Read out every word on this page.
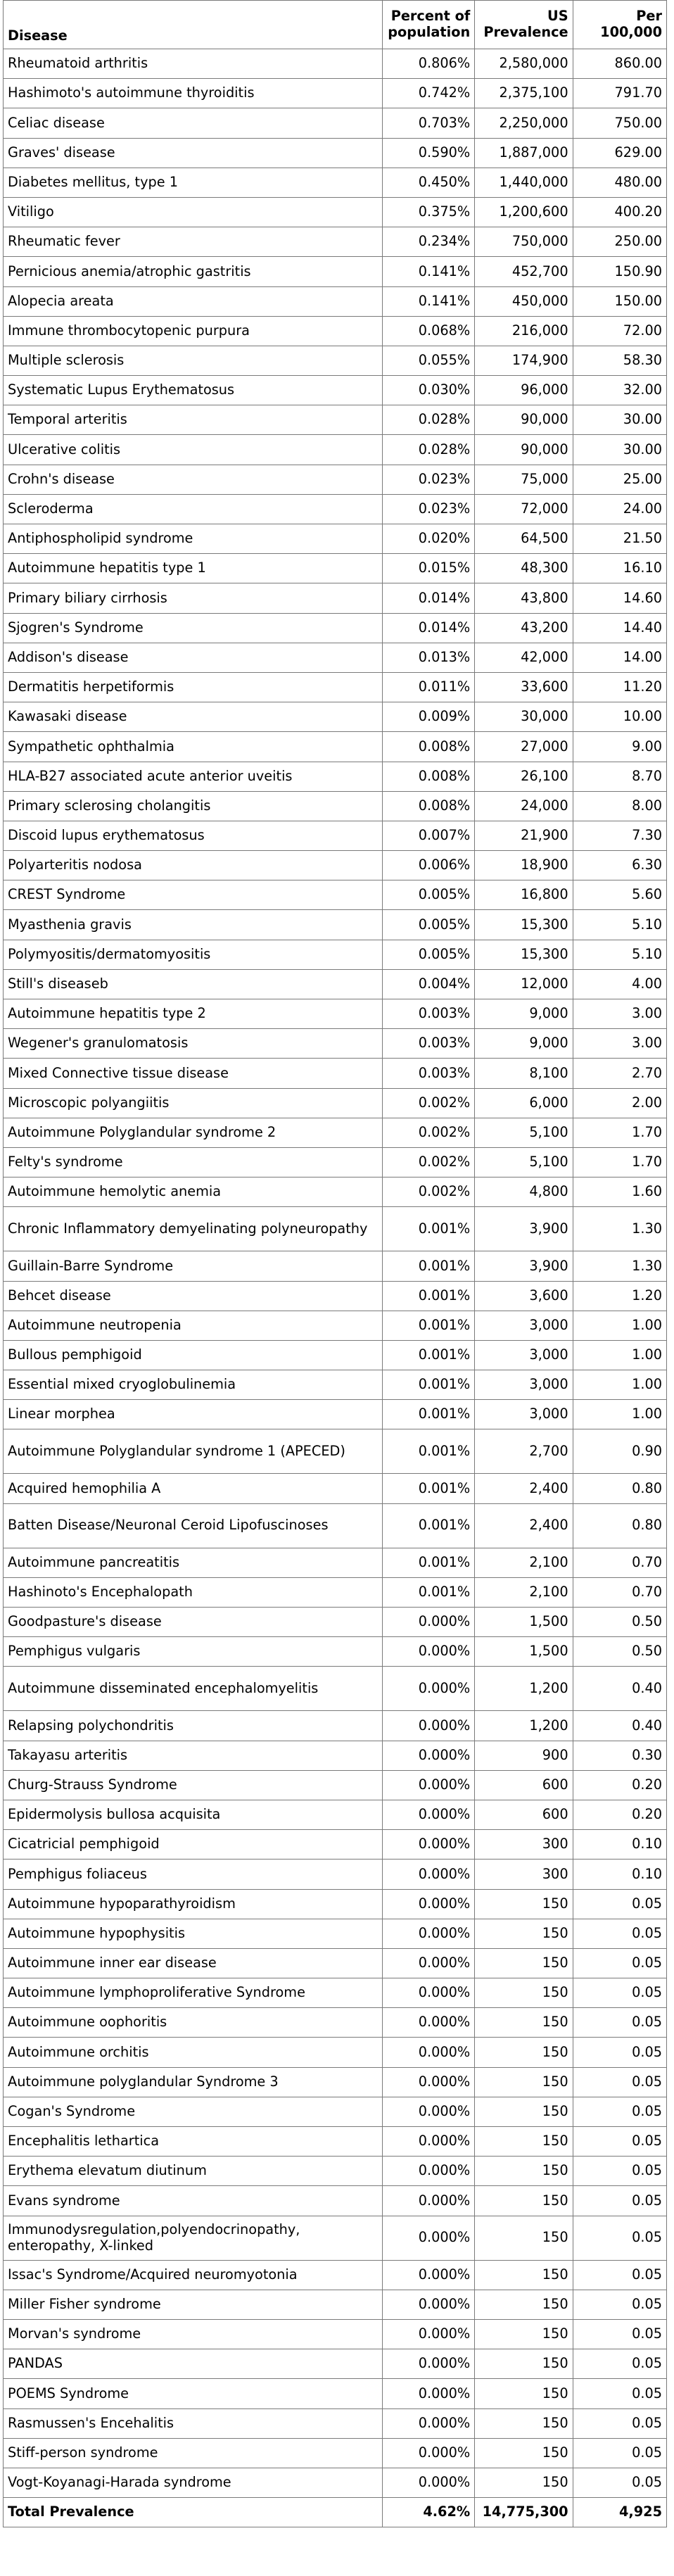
Disease	Percent of population	US Prevalence	Per 100,000
Rheumatoid arthritis	0.806%	2,580,000	860.00
Hashimoto's autoimmune thyroiditis	0.742%	2,375,100	791.70
Celiac disease	0.703%	2,250,000	750.00
Graves' disease	0.590%	1,887,000	629.00
Diabetes mellitus, type 1	0.450%	1,440,000	480.00
Vitiligo	0.375%	1,200,600	400.20
Rheumatic fever	0.234%	750,000	250.00
Pernicious anemia/atrophic gastritis	0.141%	452,700	150.90
Alopecia areata	0.141%	450,000	150.00
Immune thrombocytopenic purpura	0.068%	216,000	72.00
Multiple sclerosis	0.055%	174,900	58.30
Systematic Lupus Erythematosus	0.030%	96,000	32.00
Temporal arteritis	0.028%	90,000	30.00
Ulcerative colitis	0.028%	90,000	30.00
Crohn's disease	0.023%	75,000	25.00
Scleroderma	0.023%	72,000	24.00
Antiphospholipid syndrome	0.020%	64,500	21.50
Autoimmune hepatitis type 1	0.015%	48,300	16.10
Primary biliary cirrhosis	0.014%	43,800	14.60
Sjogren's Syndrome	0.014%	43,200	14.40
Addison's disease	0.013%	42,000	14.00
Dermatitis herpetiformis	0.011%	33,600	11.20
Kawasaki disease	0.009%	30,000	10.00
Sympathetic ophthalmia	0.008%	27,000	9.00
HLA-B27 associated acute anterior uveitis	0.008%	26,100	8.70
Primary sclerosing cholangitis	0.008%	24,000	8.00
Discoid lupus erythematosus	0.007%	21,900	7.30
Polyarteritis nodosa	0.006%	18,900	6.30
CREST Syndrome	0.005%	16,800	5.60
Myasthenia gravis	0.005%	15,300	5.10
Polymyositis/dermatomyositis	0.005%	15,300	5.10
Still's diseaseb	0.004%	12,000	4.00
Autoimmune hepatitis type 2	0.003%	9,000	3.00
Wegener's granulomatosis	0.003%	9,000	3.00
Mixed Connective tissue disease	0.003%	8,100	2.70
Microscopic polyangiitis	0.002%	6,000	2.00
Autoimmune Polyglandular syndrome 2	0.002%	5,100	1.70
Felty's syndrome	0.002%	5,100	1.70
Autoimmune hemolytic anemia	0.002%	4,800	1.60
Chronic Inflammatory demyelinating polyneuropathy	0.001%	3,900	1.30
Guillain-Barre Syndrome	0.001%	3,900	1.30
Behcet disease	0.001%	3,600	1.20
Autoimmune neutropenia	0.001%	3,000	1.00
Bullous pemphigoid	0.001%	3,000	1.00
Essential mixed cryoglobulinemia	0.001%	3,000	1.00
Linear morphea	0.001%	3,000	1.00
Autoimmune Polyglandular syndrome 1 (APECED)	0.001%	2,700	0.90
Acquired hemophilia A	0.001%	2,400	0.80
Batten Disease/Neuronal Ceroid Lipofuscinoses	0.001%	2,400	0.80
Autoimmune pancreatitis	0.001%	2,100	0.70
Hashinoto's Encephalopath	0.001%	2,100	0.70
Goodpasture's disease	0.000%	1,500	0.50
Pemphigus vulgaris	0.000%	1,500	0.50
Autoimmune disseminated encephalomyelitis	0.000%	1,200	0.40
Relapsing polychondritis	0.000%	1,200	0.40
Takayasu arteritis	0.000%	900	0.30
Churg-Strauss Syndrome	0.000%	600	0.20
Epidermolysis bullosa acquisita	0.000%	600	0.20
Cicatricial pemphigoid	0.000%	300	0.10
Pemphigus foliaceus	0.000%	300	0.10
Autoimmune hypoparathyroidism	0.000%	150	0.05
Autoimmune hypophysitis	0.000%	150	0.05
Autoimmune inner ear disease	0.000%	150	0.05
Autoimmune lymphoproliferative Syndrome	0.000%	150	0.05
Autoimmune oophoritis	0.000%	150	0.05
Autoimmune orchitis	0.000%	150	0.05
Autoimmune polyglandular Syndrome 3	0.000%	150	0.05
Cogan's Syndrome	0.000%	150	0.05
Encephalitis lethartica	0.000%	150	0.05
Erythema elevatum diutinum	0.000%	150	0.05
Evans syndrome	0.000%	150	0.05
Immunodysregulation,polyendocrinopathy, enteropathy, X-linked	0.000%	150	0.05
Issac's Syndrome/Acquired neuromyotonia	0.000%	150	0.05
Miller Fisher syndrome	0.000%	150	0.05
Morvan's syndrome	0.000%	150	0.05
PANDAS	0.000%	150	0.05
POEMS Syndrome	0.000%	150	0.05
Rasmussen's Encehalitis	0.000%	150	0.05
Stiff-person syndrome	0.000%	150	0.05
Vogt-Koyanagi-Harada syndrome	0.000%	150	0.05
Total Prevalence	4.62%	14,775,300	4,925
